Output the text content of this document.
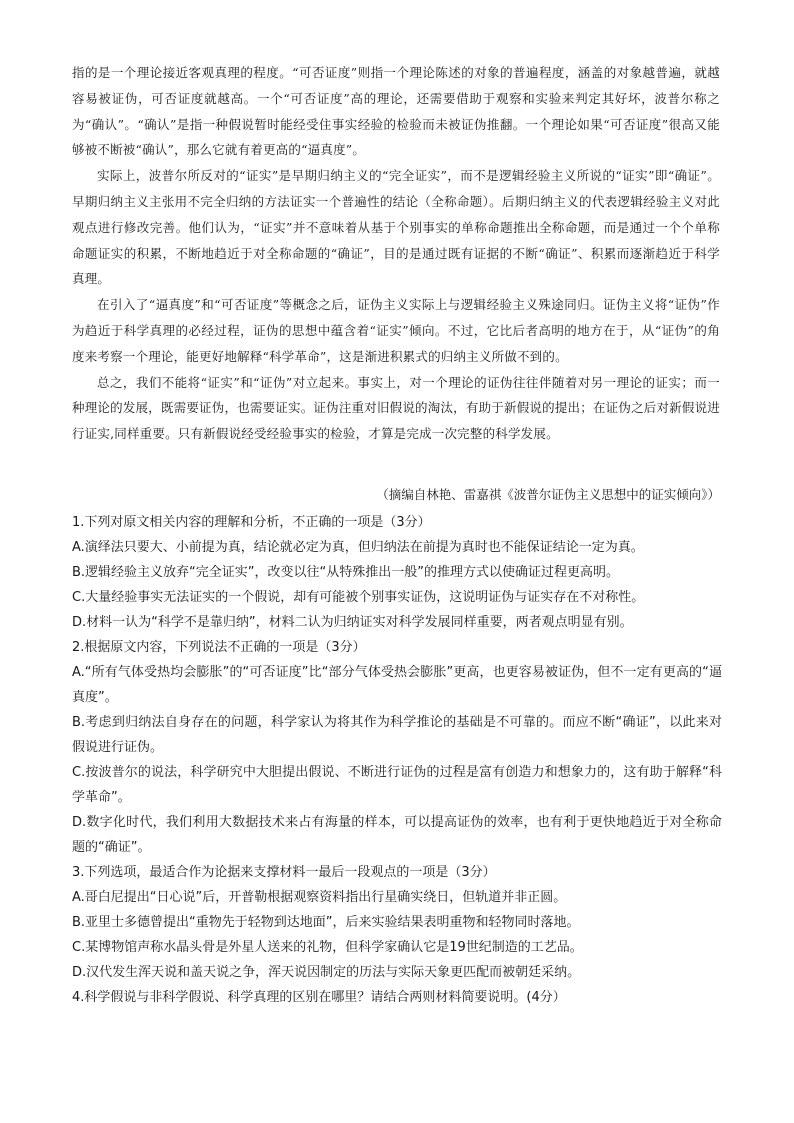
指的是一个理论接近客观真理的程度。“可否证度”则指一个理论陈述的对象的普遍程度，涵盖的对象越普遍，就越容易被证伪，可否证度就越高。一个“可否证度”高的理论，还需要借助于观察和实验来判定其好坏，波普尔称之为“确认”。“确认”是指一种假说暂时能经受住事实经验的检验而未被证伪推翻。一个理论如果“可否证度”很高又能够被不断被“确认”，那么它就有着更高的“逼真度”。

实际上，波普尔所反对的“证实”是早期归纳主义的“完全证实”，而不是逻辑经验主义所说的“证实”即“确证”。早期归纳主义主张用不完全归纳的方法证实一个普遍性的结论（全称命题）。后期归纳主义的代表逻辑经验主义对此观点进行修改完善。他们认为，“证实”并不意味着从基于个别事实的单称命题推出全称命题，而是通过一个个单称命题证实的积累，不断地趋近于对全称命题的“确证”，目的是通过既有证据的不断“确证”、积累而逐渐趋近于科学真理。

在引入了“逼真度”和“可否证度”等概念之后，证伪主义实际上与逻辑经验主义殊途同归。证伪主义将“证伪”作为趋近于科学真理的必经过程，证伪的思想中蕴含着“证实”倾向。不过，它比后者高明的地方在于，从“证伪”的角度来考察一个理论，能更好地解释“科学革命”，这是渐进积累式的归纳主义所做不到的。

总之，我们不能将“证实”和“证伪”对立起来。事实上，对一个理论的证伪往往伴随着对另一理论的证实；而一种理论的发展，既需要证伪，也需要证实。证伪注重对旧假说的淘汰，有助于新假说的提出；在证伪之后对新假说进行证实,同样重要。只有新假说经受经验事实的检验，才算是完成一次完整的科学发展。

（摘编自林艳、雷嘉祺《波普尔证伪主义思想中的证实倾向》）

1.下列对原文相关内容的理解和分析，不正确的一项是（3分）

A.演绎法只要大、小前提为真，结论就必定为真，但归纳法在前提为真时也不能保证结论一定为真。

B.逻辑经验主义放弃“完全证实”，改变以往“从特殊推出一般”的推理方式以使确证过程更高明。

C.大量经验事实无法证实的一个假说，却有可能被个别事实证伪，这说明证伪与证实存在不对称性。

D.材料一认为“科学不是靠归纳”，材料二认为归纳证实对科学发展同样重要，两者观点明显有别。

2.根据原文内容，下列说法不正确的一项是（3分）

A.“所有气体受热均会膨胀”的“可否证度”比“部分气体受热会膨胀”更高，也更容易被证伪，但不一定有更高的“逼真度”。

B.考虑到归纳法自身存在的问题，科学家认为将其作为科学推论的基础是不可靠的。而应不断“确证”，以此来对假说进行证伪。

C.按波普尔的说法，科学研究中大胆提出假说、不断进行证伪的过程是富有创造力和想象力的，这有助于解释“科学革命”。

D.数字化时代，我们利用大数据技术来占有海量的样本，可以提高证伪的效率，也有利于更快地趋近于对全称命题的“确证”。

3.下列选项，最适合作为论据来支撑材料一最后一段观点的一项是（3分）

A.哥白尼提出“日心说”后，开普勒根据观察资料指出行星确实绕日，但轨道并非正圆。

B.亚里士多德曾提出“重物先于轻物到达地面”，后来实验结果表明重物和轻物同时落地。

C.某博物馆声称水晶头骨是外星人送来的礼物，但科学家确认它是19世纪制造的工艺品。

D.汉代发生浑天说和盖天说之争，浑天说因制定的历法与实际天象更匹配而被朝廷采纳。

4.科学假说与非科学假说、科学真理的区别在哪里？请结合两则材料简要说明。(4分）
